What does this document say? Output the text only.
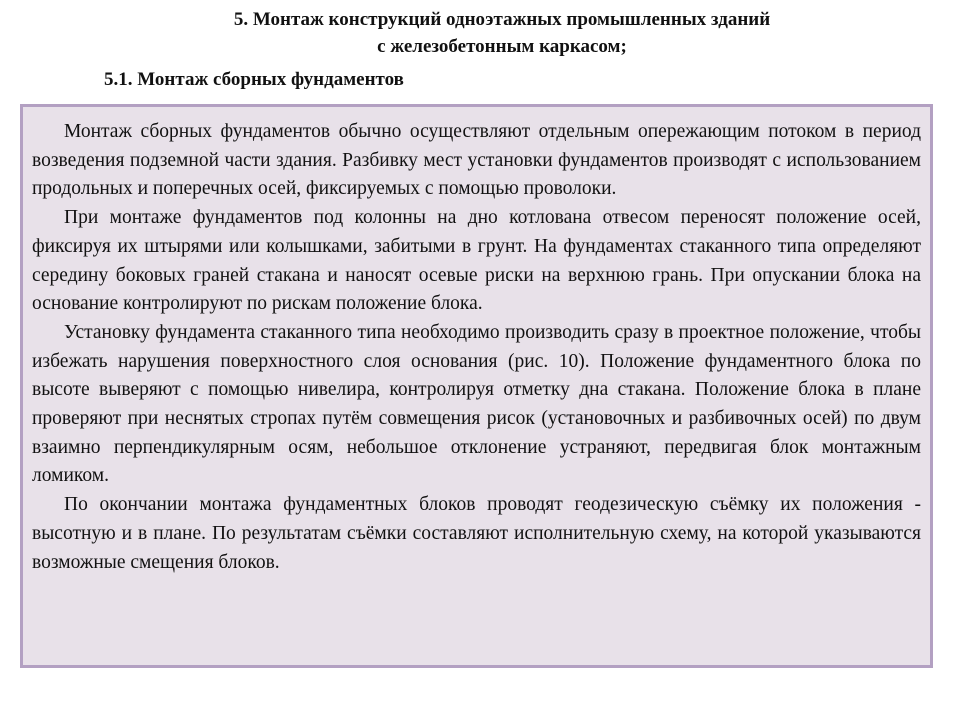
5. Монтаж конструкций одноэтажных промышленных зданий

с железобетонным каркасом;

5.1. Монтаж сборных фундаментов

Монтаж сборных фундаментов обычно осуществляют отдельным опережающим потоком в период возведения подземной части здания. Разбивку мест установки фундаментов производят с использованием продольных и поперечных осей, фиксируемых с помощью проволоки.

При монтаже фундаментов под колонны на дно котлована отвесом переносят положение осей, фиксируя их штырями или колышками, забитыми в грунт. На фундаментах стаканного типа определяют середину боковых граней стакана и наносят осевые риски на верхнюю грань. При опускании блока на основание контролируют по рискам положение блока.

Установку фундамента стаканного типа необходимо производить сразу в проектное положение, чтобы избежать нарушения поверхностного слоя основания (рис. 10). Положение фундаментного блока по высоте выверяют с помощью нивелира, контролируя отметку дна стакана. Положение блока в плане проверяют при неснятых стропах путём совмещения рисок (установочных и разбивочных осей) по двум взаимно перпендикулярным осям, небольшое отклонение устраняют, передвигая блок монтажным ломиком.

По окончании монтажа фундаментных блоков проводят геодезическую съёмку их положения - высотную и в плане. По результатам съёмки составляют исполнительную схему, на которой указываются возможные смещения блоков.
